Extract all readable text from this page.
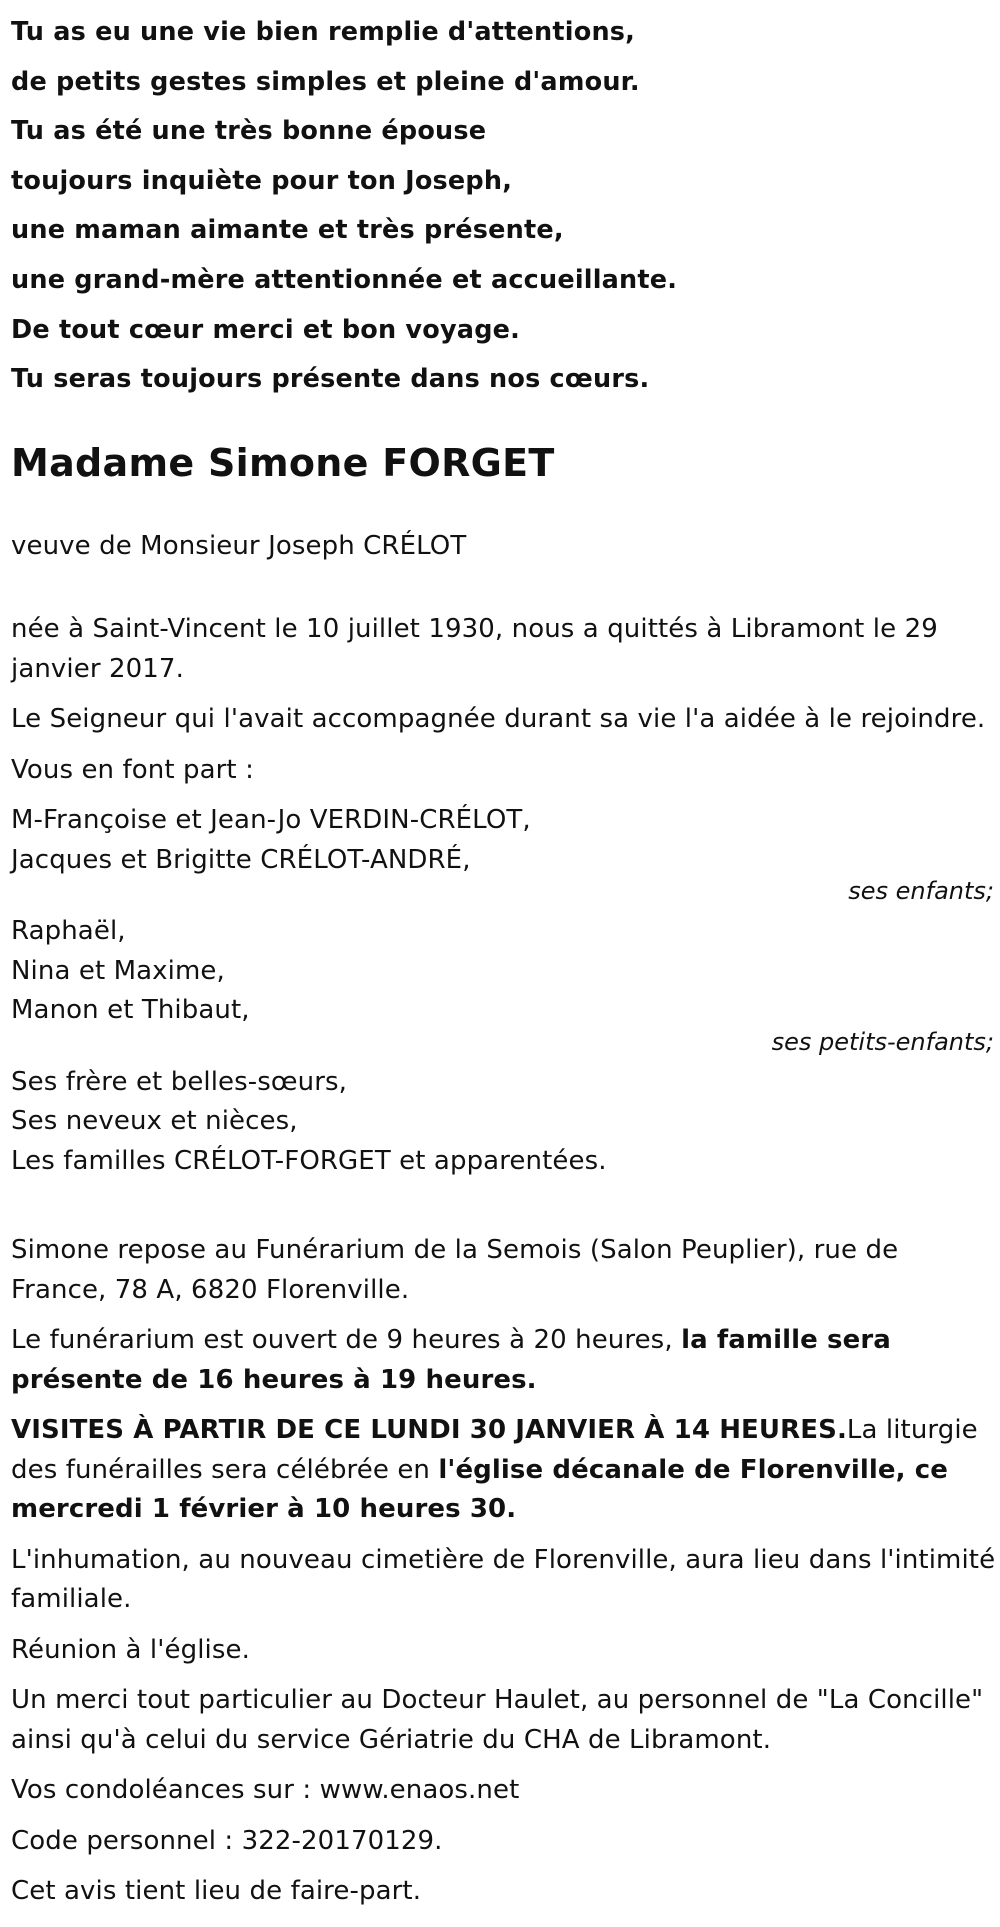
Tu as eu une vie bien remplie d'attentions,
de petits gestes simples et pleine d'amour.
Tu as été une très bonne épouse
toujours inquiète pour ton Joseph,
une maman aimante et très présente,
une grand-mère attentionnée et accueillante.
De tout cœur merci et bon voyage.
Tu seras toujours présente dans nos cœurs.
Madame Simone FORGET
veuve de Monsieur Joseph CRÉLOT
née à Saint-Vincent le 10 juillet 1930, nous a quittés à Libramont le 29 janvier 2017.
Le Seigneur qui l'avait accompagnée durant sa vie l'a aidée à le rejoindre.
Vous en font part :
M-Françoise et Jean-Jo VERDIN-CRÉLOT,
Jacques et Brigitte CRÉLOT-ANDRÉ,
ses enfants;
Raphaël,
Nina et Maxime,
Manon et Thibaut,
ses petits-enfants;
Ses frère et belles-sœurs,
Ses neveux et nièces,
Les familles CRÉLOT-FORGET et apparentées.
Simone repose au Funérarium de la Semois (Salon Peuplier), rue de France, 78 A, 6820 Florenville.
Le funérarium est ouvert de 9 heures à 20 heures, la famille sera présente de 16 heures à 19 heures.
VISITES À PARTIR DE CE LUNDI 30 JANVIER À 14 HEURES.La liturgie des funérailles sera célébrée en l'église décanale de Florenville, ce mercredi 1 février à 10 heures 30.
L'inhumation, au nouveau cimetière de Florenville, aura lieu dans l'intimité familiale.
Réunion à l'église.
Un merci tout particulier au Docteur Haulet, au personnel de "La Concille" ainsi qu'à celui du service Gériatrie du CHA de Libramont.
Vos condoléances sur : www.enaos.net
Code personnel : 322-20170129.
Cet avis tient lieu de faire-part.
